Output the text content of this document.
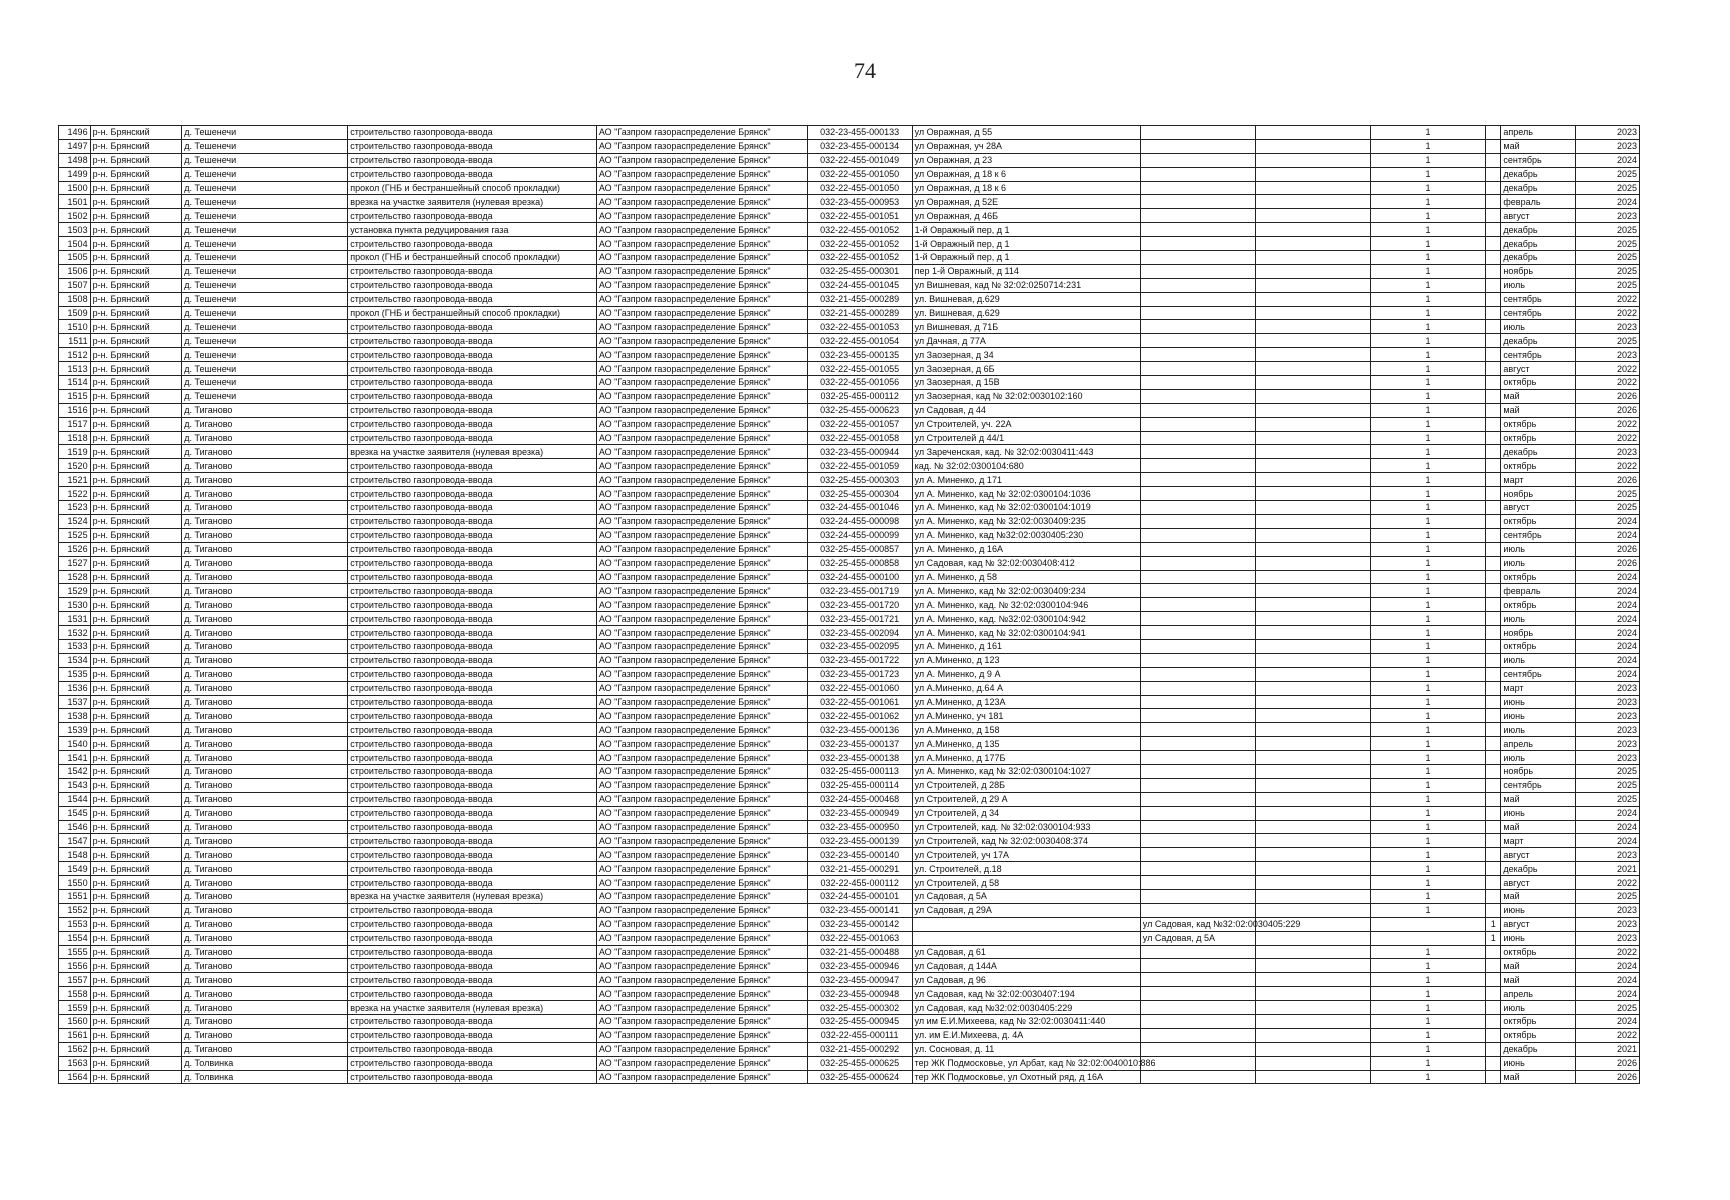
74
1496	р-н. Брянский	д. Тешенечи	строительство газопровода-ввода	АО "Газпром газораспределение Брянск"	032-23-455-000133	ул Овражная, д 55			1		апрель	2023
1497	р-н. Брянский	д. Тешенечи	строительство газопровода-ввода	АО "Газпром газораспределение Брянск"	032-23-455-000134	ул Овражная, уч 28А			1		май	2023
1498	р-н. Брянский	д. Тешенечи	строительство газопровода-ввода	АО "Газпром газораспределение Брянск"	032-22-455-001049	ул Овражная, д 23			1		сентябрь	2024
1499	р-н. Брянский	д. Тешенечи	строительство газопровода-ввода	АО "Газпром газораспределение Брянск"	032-22-455-001050	ул Овражная, д 18 к 6			1		декабрь	2025
1500	р-н. Брянский	д. Тешенечи	прокол (ГНБ и бестраншейный способ прокладки)	АО "Газпром газораспределение Брянск"	032-22-455-001050	ул Овражная, д 18 к 6			1		декабрь	2025
1501	р-н. Брянский	д. Тешенечи	врезка на участке заявителя (нулевая врезка)	АО "Газпром газораспределение Брянск"	032-23-455-000953	ул Овражная, д 52Е			1		февраль	2024
1502	р-н. Брянский	д. Тешенечи	строительство газопровода-ввода	АО "Газпром газораспределение Брянск"	032-22-455-001051	ул Овражная, д 46Б			1		август	2023
1503	р-н. Брянский	д. Тешенечи	установка пункта редуцирования газа	АО "Газпром газораспределение Брянск"	032-22-455-001052	1-й Овражный пер, д 1			1		декабрь	2025
1504	р-н. Брянский	д. Тешенечи	строительство газопровода-ввода	АО "Газпром газораспределение Брянск"	032-22-455-001052	1-й Овражный пер, д 1			1		декабрь	2025
1505	р-н. Брянский	д. Тешенечи	прокол (ГНБ и бестраншейный способ прокладки)	АО "Газпром газораспределение Брянск"	032-22-455-001052	1-й Овражный пер, д 1			1		декабрь	2025
1506	р-н. Брянский	д. Тешенечи	строительство газопровода-ввода	АО "Газпром газораспределение Брянск"	032-25-455-000301	пер 1-й Овражный, д 114			1		ноябрь	2025
1507	р-н. Брянский	д. Тешенечи	строительство газопровода-ввода	АО "Газпром газораспределение Брянск"	032-24-455-001045	ул Вишневая, кад № 32:02:0250714:231			1		июль	2025
1508	р-н. Брянский	д. Тешенечи	строительство газопровода-ввода	АО "Газпром газораспределение Брянск"	032-21-455-000289	ул. Вишневая, д.629			1		сентябрь	2022
1509	р-н. Брянский	д. Тешенечи	прокол (ГНБ и бестраншейный способ прокладки)	АО "Газпром газораспределение Брянск"	032-21-455-000289	ул. Вишневая, д.629			1		сентябрь	2022
1510	р-н. Брянский	д. Тешенечи	строительство газопровода-ввода	АО "Газпром газораспределение Брянск"	032-22-455-001053	ул Вишневая, д 71Б			1		июль	2023
1511	р-н. Брянский	д. Тешенечи	строительство газопровода-ввода	АО "Газпром газораспределение Брянск"	032-22-455-001054	ул Дачная, д 77А			1		декабрь	2025
1512	р-н. Брянский	д. Тешенечи	строительство газопровода-ввода	АО "Газпром газораспределение Брянск"	032-23-455-000135	ул Заозерная, д 34			1		сентябрь	2023
1513	р-н. Брянский	д. Тешенечи	строительство газопровода-ввода	АО "Газпром газораспределение Брянск"	032-22-455-001055	ул Заозерная, д 6Б			1		август	2022
1514	р-н. Брянский	д. Тешенечи	строительство газопровода-ввода	АО "Газпром газораспределение Брянск"	032-22-455-001056	ул Заозерная, д 15В			1		октябрь	2022
1515	р-н. Брянский	д. Тешенечи	строительство газопровода-ввода	АО "Газпром газораспределение Брянск"	032-25-455-000112	ул Заозерная, кад № 32:02:0030102:160			1		май	2026
1516	р-н. Брянский	д. Тиганово	строительство газопровода-ввода	АО "Газпром газораспределение Брянск"	032-25-455-000623	ул Садовая, д 44			1		май	2026
1517	р-н. Брянский	д. Тиганово	строительство газопровода-ввода	АО "Газпром газораспределение Брянск"	032-22-455-001057	ул Строителей, уч. 22А			1		октябрь	2022
1518	р-н. Брянский	д. Тиганово	строительство газопровода-ввода	АО "Газпром газораспределение Брянск"	032-22-455-001058	ул Строителей д 44/1			1		октябрь	2022
1519	р-н. Брянский	д. Тиганово	врезка на участке заявителя (нулевая врезка)	АО "Газпром газораспределение Брянск"	032-23-455-000944	ул Зареченская, кад. № 32:02:0030411:443			1		декабрь	2023
1520	р-н. Брянский	д. Тиганово	строительство газопровода-ввода	АО "Газпром газораспределение Брянск"	032-22-455-001059	кад. № 32:02:0300104:680			1		октябрь	2022
1521	р-н. Брянский	д. Тиганово	строительство газопровода-ввода	АО "Газпром газораспределение Брянск"	032-25-455-000303	ул А. Миненко, д 171			1		март	2026
1522	р-н. Брянский	д. Тиганово	строительство газопровода-ввода	АО "Газпром газораспределение Брянск"	032-25-455-000304	ул А. Миненко, кад № 32:02:0300104:1036			1		ноябрь	2025
1523	р-н. Брянский	д. Тиганово	строительство газопровода-ввода	АО "Газпром газораспределение Брянск"	032-24-455-001046	ул А. Миненко, кад № 32:02:0300104:1019			1		август	2025
1524	р-н. Брянский	д. Тиганово	строительство газопровода-ввода	АО "Газпром газораспределение Брянск"	032-24-455-000098	ул А. Миненко, кад № 32:02:0030409:235			1		октябрь	2024
1525	р-н. Брянский	д. Тиганово	строительство газопровода-ввода	АО "Газпром газораспределение Брянск"	032-24-455-000099	ул А. Миненко, кад №32:02:0030405:230			1		сентябрь	2024
1526	р-н. Брянский	д. Тиганово	строительство газопровода-ввода	АО "Газпром газораспределение Брянск"	032-25-455-000857	ул А. Миненко, д 16А			1		июль	2026
1527	р-н. Брянский	д. Тиганово	строительство газопровода-ввода	АО "Газпром газораспределение Брянск"	032-25-455-000858	ул Садовая, кад № 32:02:0030408:412			1		июль	2026
1528	р-н. Брянский	д. Тиганово	строительство газопровода-ввода	АО "Газпром газораспределение Брянск"	032-24-455-000100	ул А. Миненко, д 58			1		октябрь	2024
1529	р-н. Брянский	д. Тиганово	строительство газопровода-ввода	АО "Газпром газораспределение Брянск"	032-23-455-001719	ул А. Миненко, кад № 32:02:0030409:234			1		февраль	2024
1530	р-н. Брянский	д. Тиганово	строительство газопровода-ввода	АО "Газпром газораспределение Брянск"	032-23-455-001720	ул А. Миненко, кад. № 32:02:0300104:946			1		октябрь	2024
1531	р-н. Брянский	д. Тиганово	строительство газопровода-ввода	АО "Газпром газораспределение Брянск"	032-23-455-001721	ул А. Миненко, кад. №32:02:0300104:942			1		июль	2024
1532	р-н. Брянский	д. Тиганово	строительство газопровода-ввода	АО "Газпром газораспределение Брянск"	032-23-455-002094	ул А. Миненко, кад № 32:02:0300104:941			1		ноябрь	2024
1533	р-н. Брянский	д. Тиганово	строительство газопровода-ввода	АО "Газпром газораспределение Брянск"	032-23-455-002095	ул А. Миненко, д 161			1		октябрь	2024
1534	р-н. Брянский	д. Тиганово	строительство газопровода-ввода	АО "Газпром газораспределение Брянск"	032-23-455-001722	ул А.Миненко, д 123			1		июль	2024
1535	р-н. Брянский	д. Тиганово	строительство газопровода-ввода	АО "Газпром газораспределение Брянск"	032-23-455-001723	ул А. Миненко, д 9 А			1		сентябрь	2024
1536	р-н. Брянский	д. Тиганово	строительство газопровода-ввода	АО "Газпром газораспределение Брянск"	032-22-455-001060	ул А.Миненко, д.64 А			1		март	2023
1537	р-н. Брянский	д. Тиганово	строительство газопровода-ввода	АО "Газпром газораспределение Брянск"	032-22-455-001061	ул А.Миненко, д 123А			1		июнь	2023
1538	р-н. Брянский	д. Тиганово	строительство газопровода-ввода	АО "Газпром газораспределение Брянск"	032-22-455-001062	ул А.Миненко, уч 181			1		июнь	2023
1539	р-н. Брянский	д. Тиганово	строительство газопровода-ввода	АО "Газпром газораспределение Брянск"	032-23-455-000136	ул А.Миненко, д 158			1		июль	2023
1540	р-н. Брянский	д. Тиганово	строительство газопровода-ввода	АО "Газпром газораспределение Брянск"	032-23-455-000137	ул А.Миненко, д 135			1		апрель	2023
1541	р-н. Брянский	д. Тиганово	строительство газопровода-ввода	АО "Газпром газораспределение Брянск"	032-23-455-000138	ул А.Миненко, д 177Б			1		июль	2023
1542	р-н. Брянский	д. Тиганово	строительство газопровода-ввода	АО "Газпром газораспределение Брянск"	032-25-455-000113	ул А. Миненко, кад № 32:02:0300104:1027			1		ноябрь	2025
1543	р-н. Брянский	д. Тиганово	строительство газопровода-ввода	АО "Газпром газораспределение Брянск"	032-25-455-000114	ул Строителей, д 28Б			1		сентябрь	2025
1544	р-н. Брянский	д. Тиганово	строительство газопровода-ввода	АО "Газпром газораспределение Брянск"	032-24-455-000468	ул Строителей, д 29 А			1		май	2025
1545	р-н. Брянский	д. Тиганово	строительство газопровода-ввода	АО "Газпром газораспределение Брянск"	032-23-455-000949	ул Строителей, д 34			1		июнь	2024
1546	р-н. Брянский	д. Тиганово	строительство газопровода-ввода	АО "Газпром газораспределение Брянск"	032-23-455-000950	ул Строителей, кад. № 32:02:0300104:933			1		май	2024
1547	р-н. Брянский	д. Тиганово	строительство газопровода-ввода	АО "Газпром газораспределение Брянск"	032-23-455-000139	ул Строителей, кад № 32:02:0030408:374			1		март	2024
1548	р-н. Брянский	д. Тиганово	строительство газопровода-ввода	АО "Газпром газораспределение Брянск"	032-23-455-000140	ул Строителей, уч 17А			1		август	2023
1549	р-н. Брянский	д. Тиганово	строительство газопровода-ввода	АО "Газпром газораспределение Брянск"	032-21-455-000291	ул. Строителей, д.18			1		декабрь	2021
1550	р-н. Брянский	д. Тиганово	строительство газопровода-ввода	АО "Газпром газораспределение Брянск"	032-22-455-000112	ул Строителей, д 58			1		август	2022
1551	р-н. Брянский	д. Тиганово	врезка на участке заявителя (нулевая врезка)	АО "Газпром газораспределение Брянск"	032-24-455-000101	ул Садовая, д 5А			1		май	2025
1552	р-н. Брянский	д. Тиганово	строительство газопровода-ввода	АО "Газпром газораспределение Брянск"	032-23-455-000141	ул Садовая, д 29А			1		июнь	2023
1553	р-н. Брянский	д. Тиганово	строительство газопровода-ввода	АО "Газпром газораспределение Брянск"	032-23-455-000142		ул Садовая, кад №32:02:0030405:229			1	август	2023
1554	р-н. Брянский	д. Тиганово	строительство газопровода-ввода	АО "Газпром газораспределение Брянск"	032-22-455-001063		ул Садовая, д 5А			1	июнь	2023
1555	р-н. Брянский	д. Тиганово	строительство газопровода-ввода	АО "Газпром газораспределение Брянск"	032-21-455-000488	ул Садовая, д 61			1		октябрь	2022
1556	р-н. Брянский	д. Тиганово	строительство газопровода-ввода	АО "Газпром газораспределение Брянск"	032-23-455-000946	ул Садовая, д 144А			1		май	2024
1557	р-н. Брянский	д. Тиганово	строительство газопровода-ввода	АО "Газпром газораспределение Брянск"	032-23-455-000947	ул Садовая, д 96			1		май	2024
1558	р-н. Брянский	д. Тиганово	строительство газопровода-ввода	АО "Газпром газораспределение Брянск"	032-23-455-000948	ул Садовая, кад № 32:02:0030407:194			1		апрель	2024
1559	р-н. Брянский	д. Тиганово	врезка на участке заявителя (нулевая врезка)	АО "Газпром газораспределение Брянск"	032-25-455-000302	ул Садовая, кад №32:02:0030405:229			1		июль	2025
1560	р-н. Брянский	д. Тиганово	строительство газопровода-ввода	АО "Газпром газораспределение Брянск"	032-25-455-000945	ул им Е.И.Михеева, кад № 32:02:0030411:440			1		октябрь	2024
1561	р-н. Брянский	д. Тиганово	строительство газопровода-ввода	АО "Газпром газораспределение Брянск"	032-22-455-000111	ул. им Е.И.Михеева, д. 4А			1		октябрь	2022
1562	р-н. Брянский	д. Тиганово	строительство газопровода-ввода	АО "Газпром газораспределение Брянск"	032-21-455-000292	ул. Сосновая, д. 11			1		декабрь	2021
1563	р-н. Брянский	д. Толвинка	строительство газопровода-ввода	АО "Газпром газораспределение Брянск"	032-25-455-000625	тер ЖК Подмосковье, ул Арбат, кад № 32:02:0040010:886			1		июнь	2026
1564	р-н. Брянский	д. Толвинка	строительство газопровода-ввода	АО "Газпром газораспределение Брянск"	032-25-455-000624	тер ЖК Подмосковье, ул Охотный ряд, д 16А			1		май	2026
